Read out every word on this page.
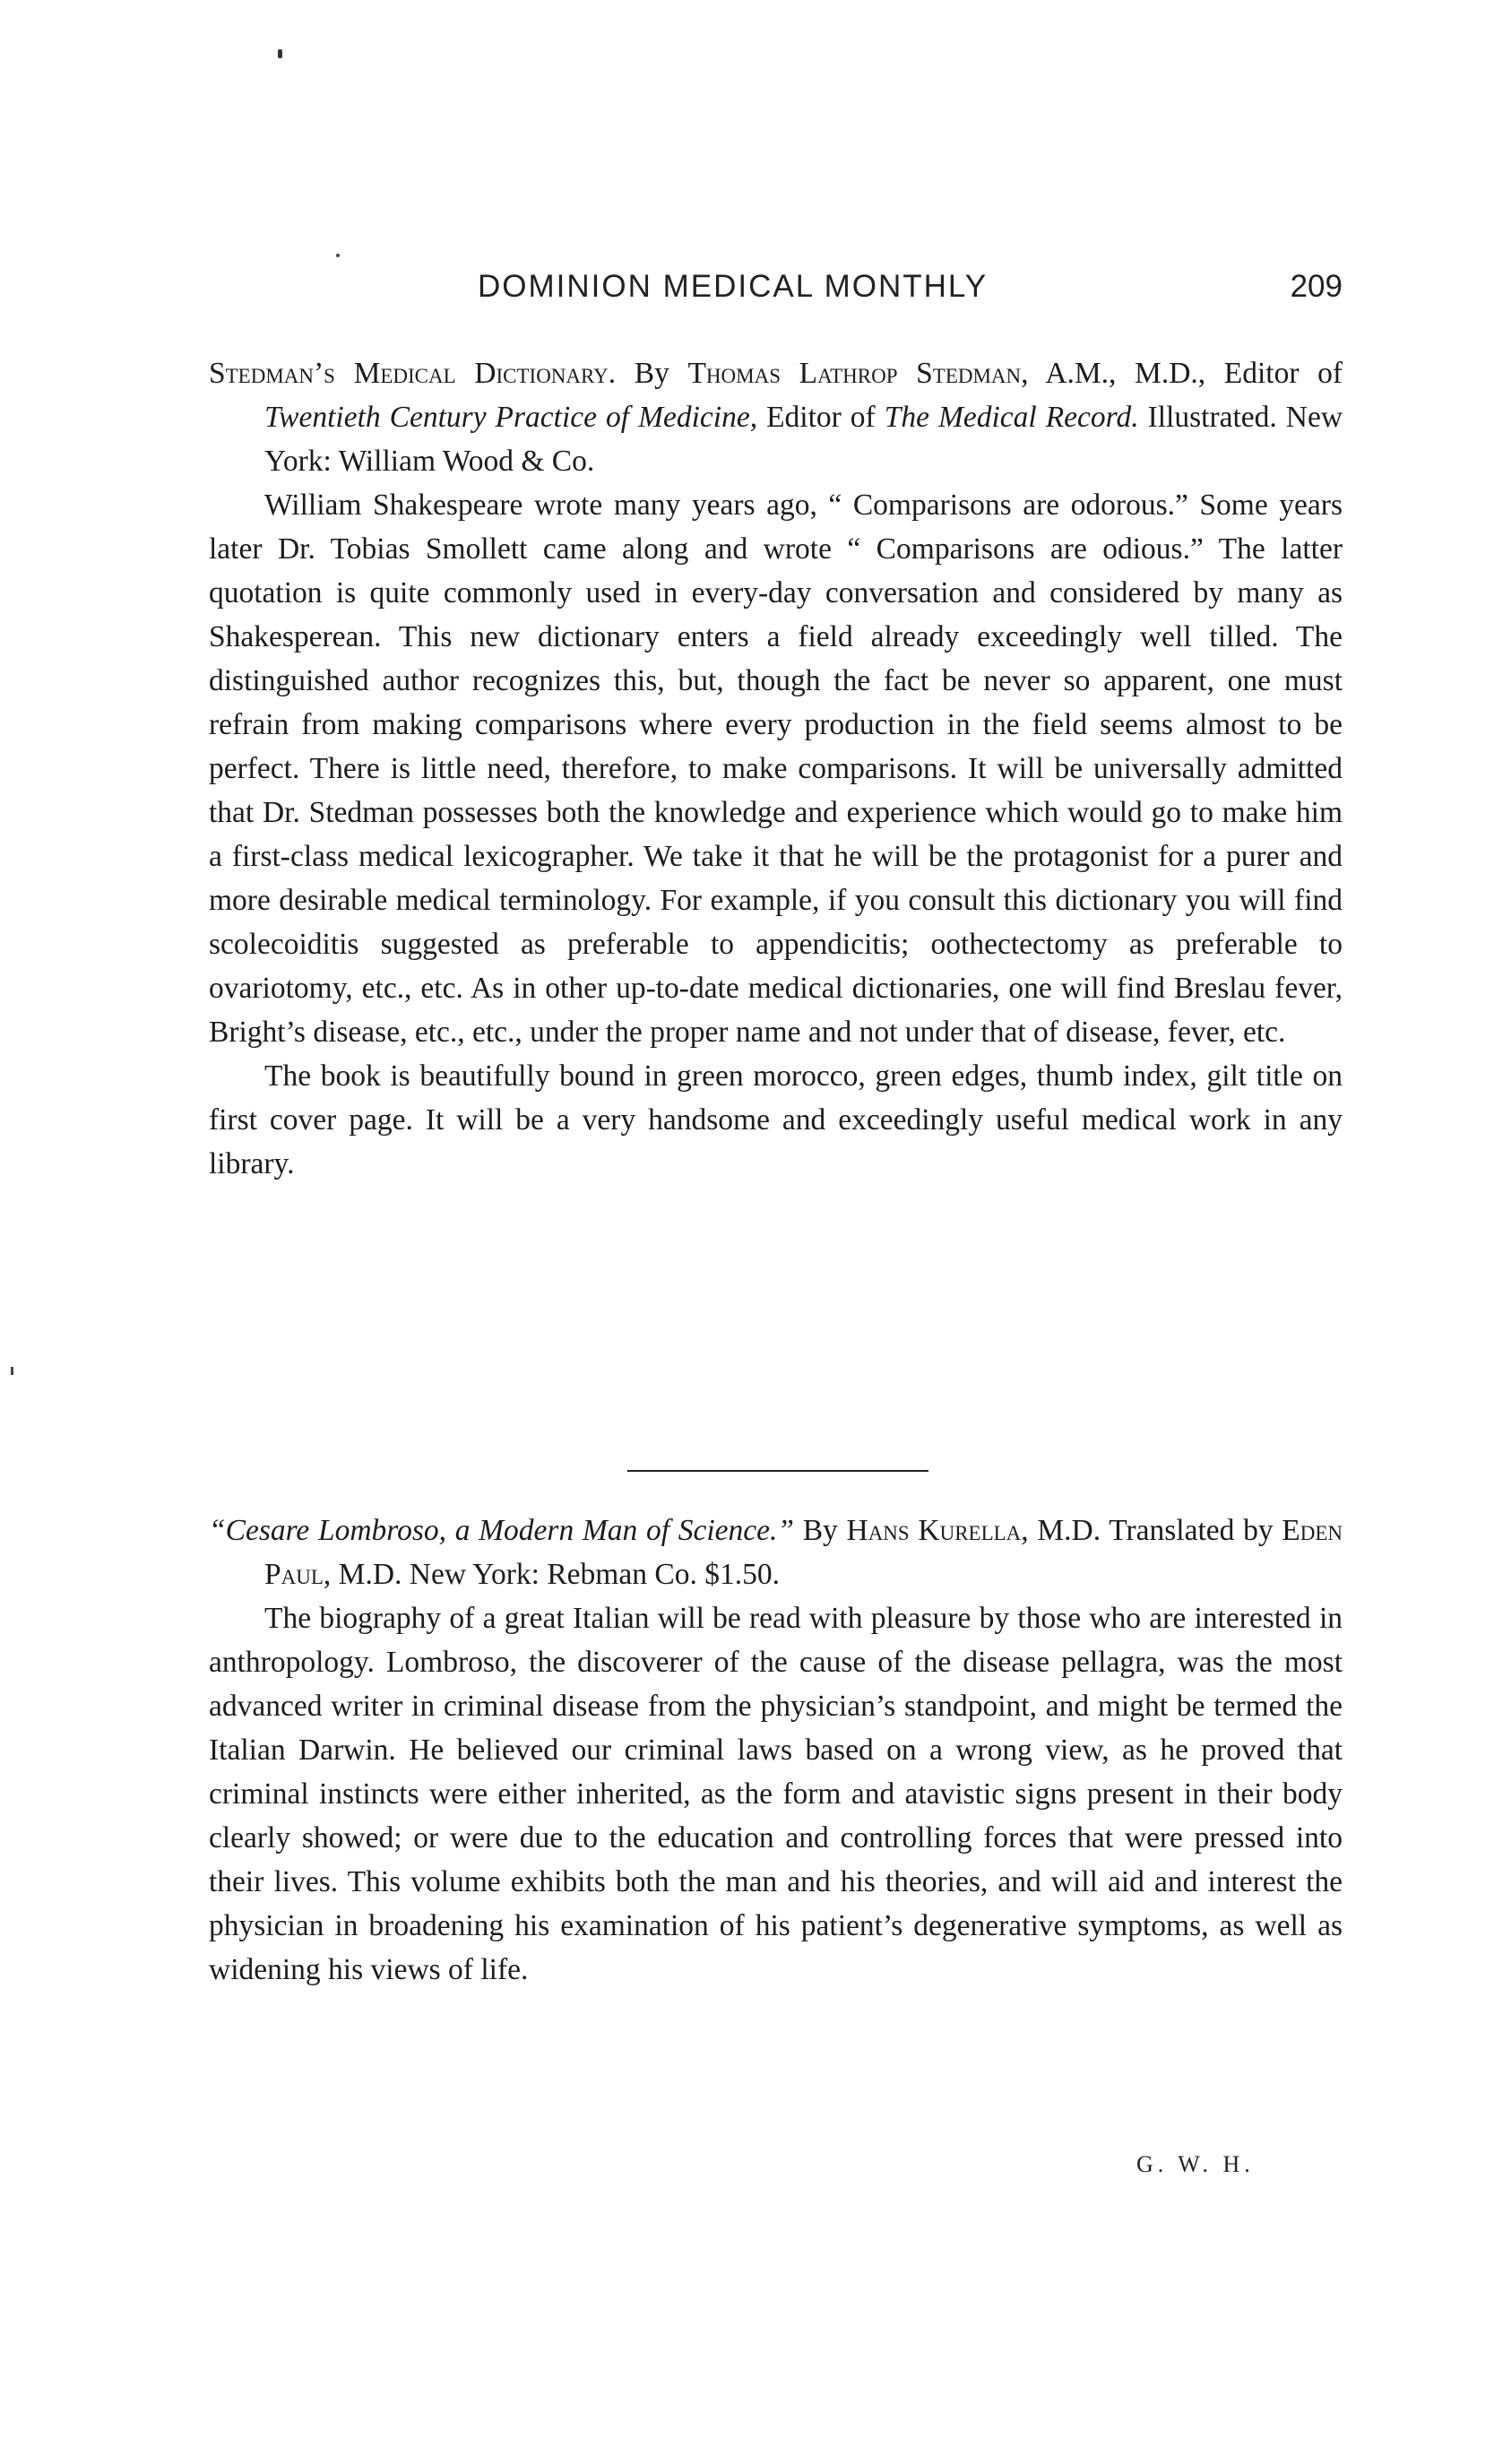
DOMINION MEDICAL MONTHLY	209

Stedman’s Medical Dictionary. By Thomas Lathrop Stedman, A.M., M.D., Editor of Twentieth Century Practice of Medicine, Editor of The Medical Record. Illustrated. New York: William Wood & Co.

William Shakespeare wrote many years ago, “ Comparisons are odorous.” Some years later Dr. Tobias Smollett came along and wrote “ Comparisons are odious.” The latter quotation is quite commonly used in every-day conversation and considered by many as Shakesperean. This new dictionary enters a field already exceedingly well tilled. The distinguished author recognizes this, but, though the fact be never so apparent, one must refrain from making comparisons where every production in the field seems almost to be perfect. There is little need, therefore, to make comparisons. It will be universally admitted that Dr. Stedman possesses both the knowledge and experience which would go to make him a first-class medical lexicographer. We take it that he will be the protagonist for a purer and more desirable medical terminology. For example, if you consult this dictionary you will find scolecoiditis suggested as preferable to appendicitis; oothectectomy as preferable to ovariotomy, etc., etc. As in other up-to-date medical dictionaries, one will find Breslau fever, Bright’s disease, etc., etc., under the proper name and not under that of disease, fever, etc.

The book is beautifully bound in green morocco, green edges, thumb index, gilt title on first cover page. It will be a very handsome and exceedingly useful medical work in any library.

“Cesare Lombroso, a Modern Man of Science.” By Hans Kurella, M.D. Translated by Eden Paul, M.D. New York: Rebman Co. $1.50.

The biography of a great Italian will be read with pleasure by those who are interested in anthropology. Lombroso, the discoverer of the cause of the disease pellagra, was the most advanced writer in criminal disease from the physician’s standpoint, and might be termed the Italian Darwin. He believed our criminal laws based on a wrong view, as he proved that criminal instincts were either inherited, as the form and atavistic signs present in their body clearly showed; or were due to the education and controlling forces that were pressed into their lives. This volume exhibits both the man and his theories, and will aid and interest the physician in broadening his examination of his patient’s degenerative symptoms, as well as widening his views of life.

G. W. H.
